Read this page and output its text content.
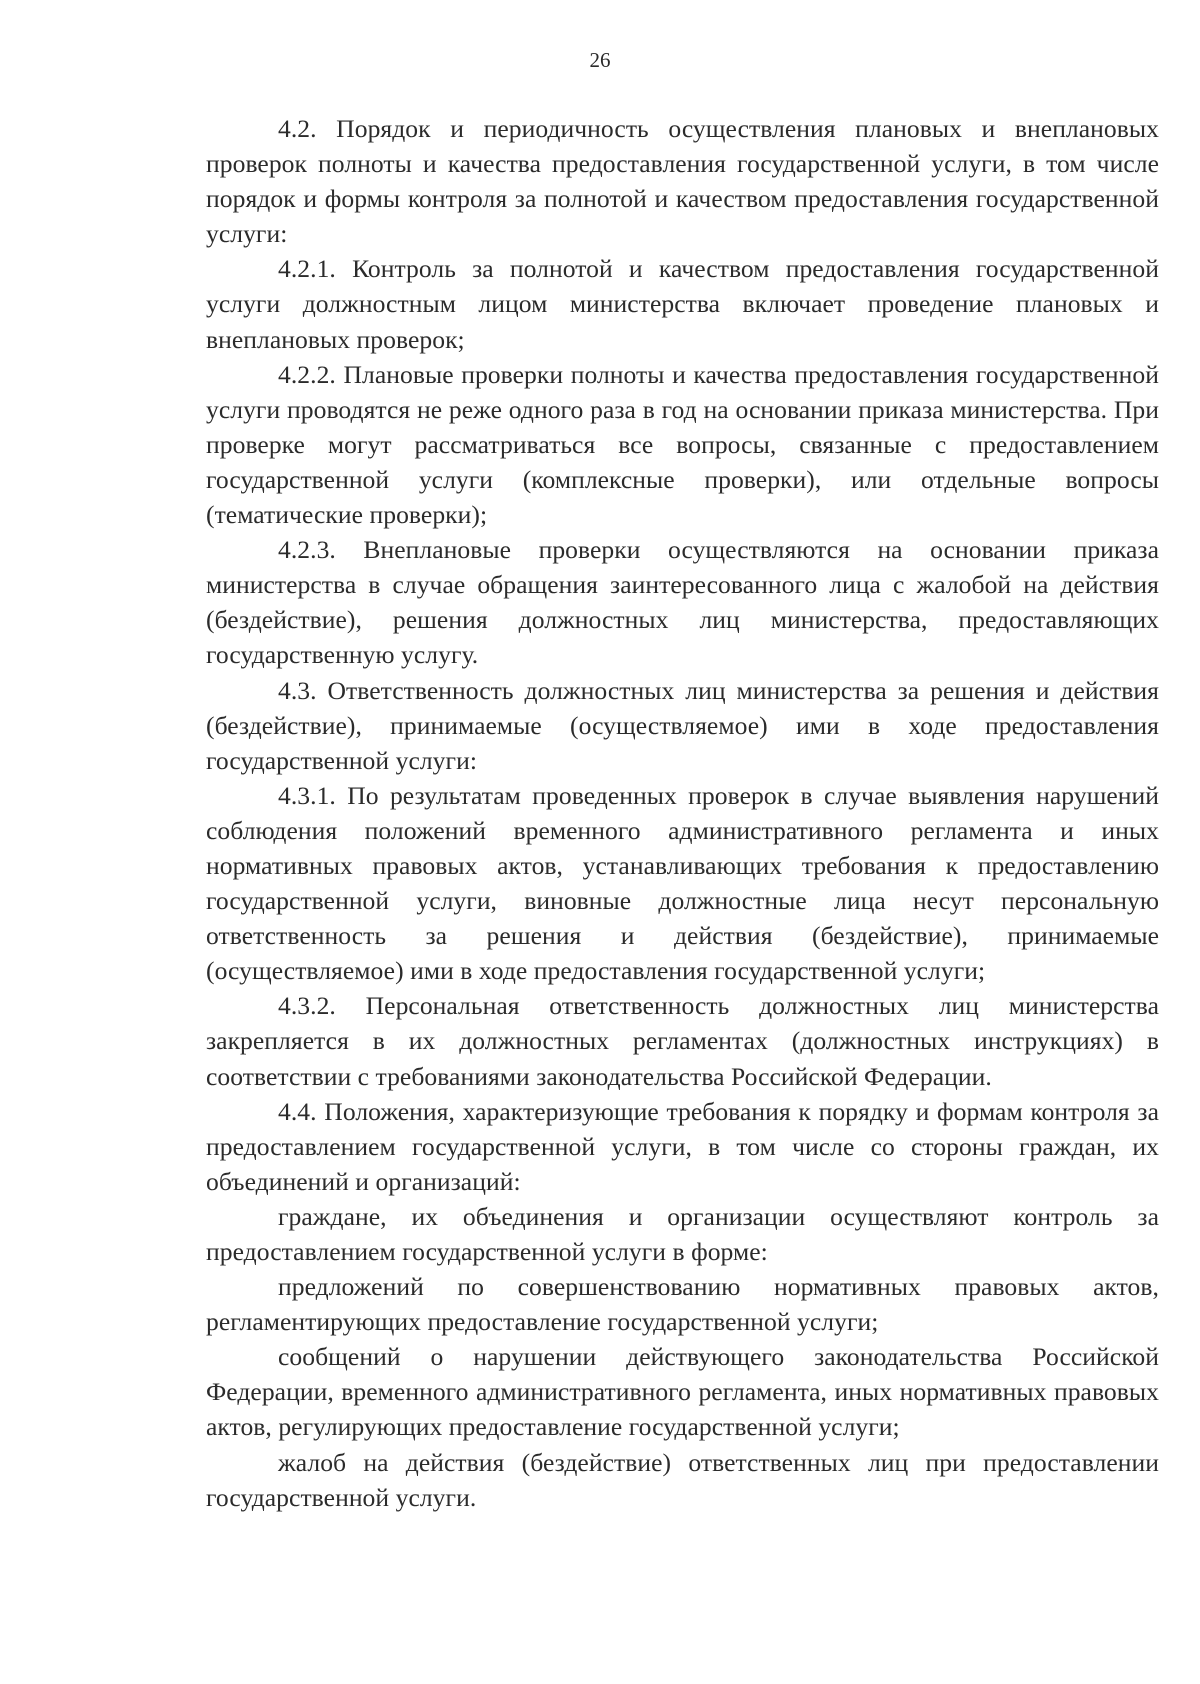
26

4.2. Порядок и периодичность осуществления плановых и внеплановых проверок полноты и качества предоставления государственной услуги, в том числе порядок и формы контроля за полнотой и качеством предоставления государственной услуги:

4.2.1. Контроль за полнотой и качеством предоставления государственной услуги должностным лицом министерства включает проведение плановых и внеплановых проверок;

4.2.2. Плановые проверки полноты и качества предоставления государственной услуги проводятся не реже одного раза в год на основании приказа министерства. При проверке могут рассматриваться все вопросы, связанные с предоставлением государственной услуги (комплексные проверки), или отдельные вопросы (тематические проверки);

4.2.3. Внеплановые проверки осуществляются на основании приказа министерства в случае обращения заинтересованного лица с жалобой на действия (бездействие), решения должностных лиц министерства, предоставляющих государственную услугу.

4.3. Ответственность должностных лиц министерства за решения и действия (бездействие), принимаемые (осуществляемое) ими в ходе предоставления государственной услуги:

4.3.1. По результатам проведенных проверок в случае выявления нарушений соблюдения положений временного административного регламента и иных нормативных правовых актов, устанавливающих требования к предоставлению государственной услуги, виновные должностные лица несут персональную ответственность за решения и действия (бездействие), принимаемые (осуществляемое) ими в ходе предоставления государственной услуги;

4.3.2. Персональная ответственность должностных лиц министерства закрепляется в их должностных регламентах (должностных инструкциях) в соответствии с требованиями законодательства Российской Федерации.

4.4. Положения, характеризующие требования к порядку и формам контроля за предоставлением государственной услуги, в том числе со стороны граждан, их объединений и организаций:

граждане, их объединения и организации осуществляют контроль за предоставлением государственной услуги в форме:

предложений по совершенствованию нормативных правовых актов, регламентирующих предоставление государственной услуги;

сообщений о нарушении действующего законодательства Российской Федерации, временного административного регламента, иных нормативных правовых актов, регулирующих предоставление государственной услуги;

жалоб на действия (бездействие) ответственных лиц при предоставлении государственной услуги.
